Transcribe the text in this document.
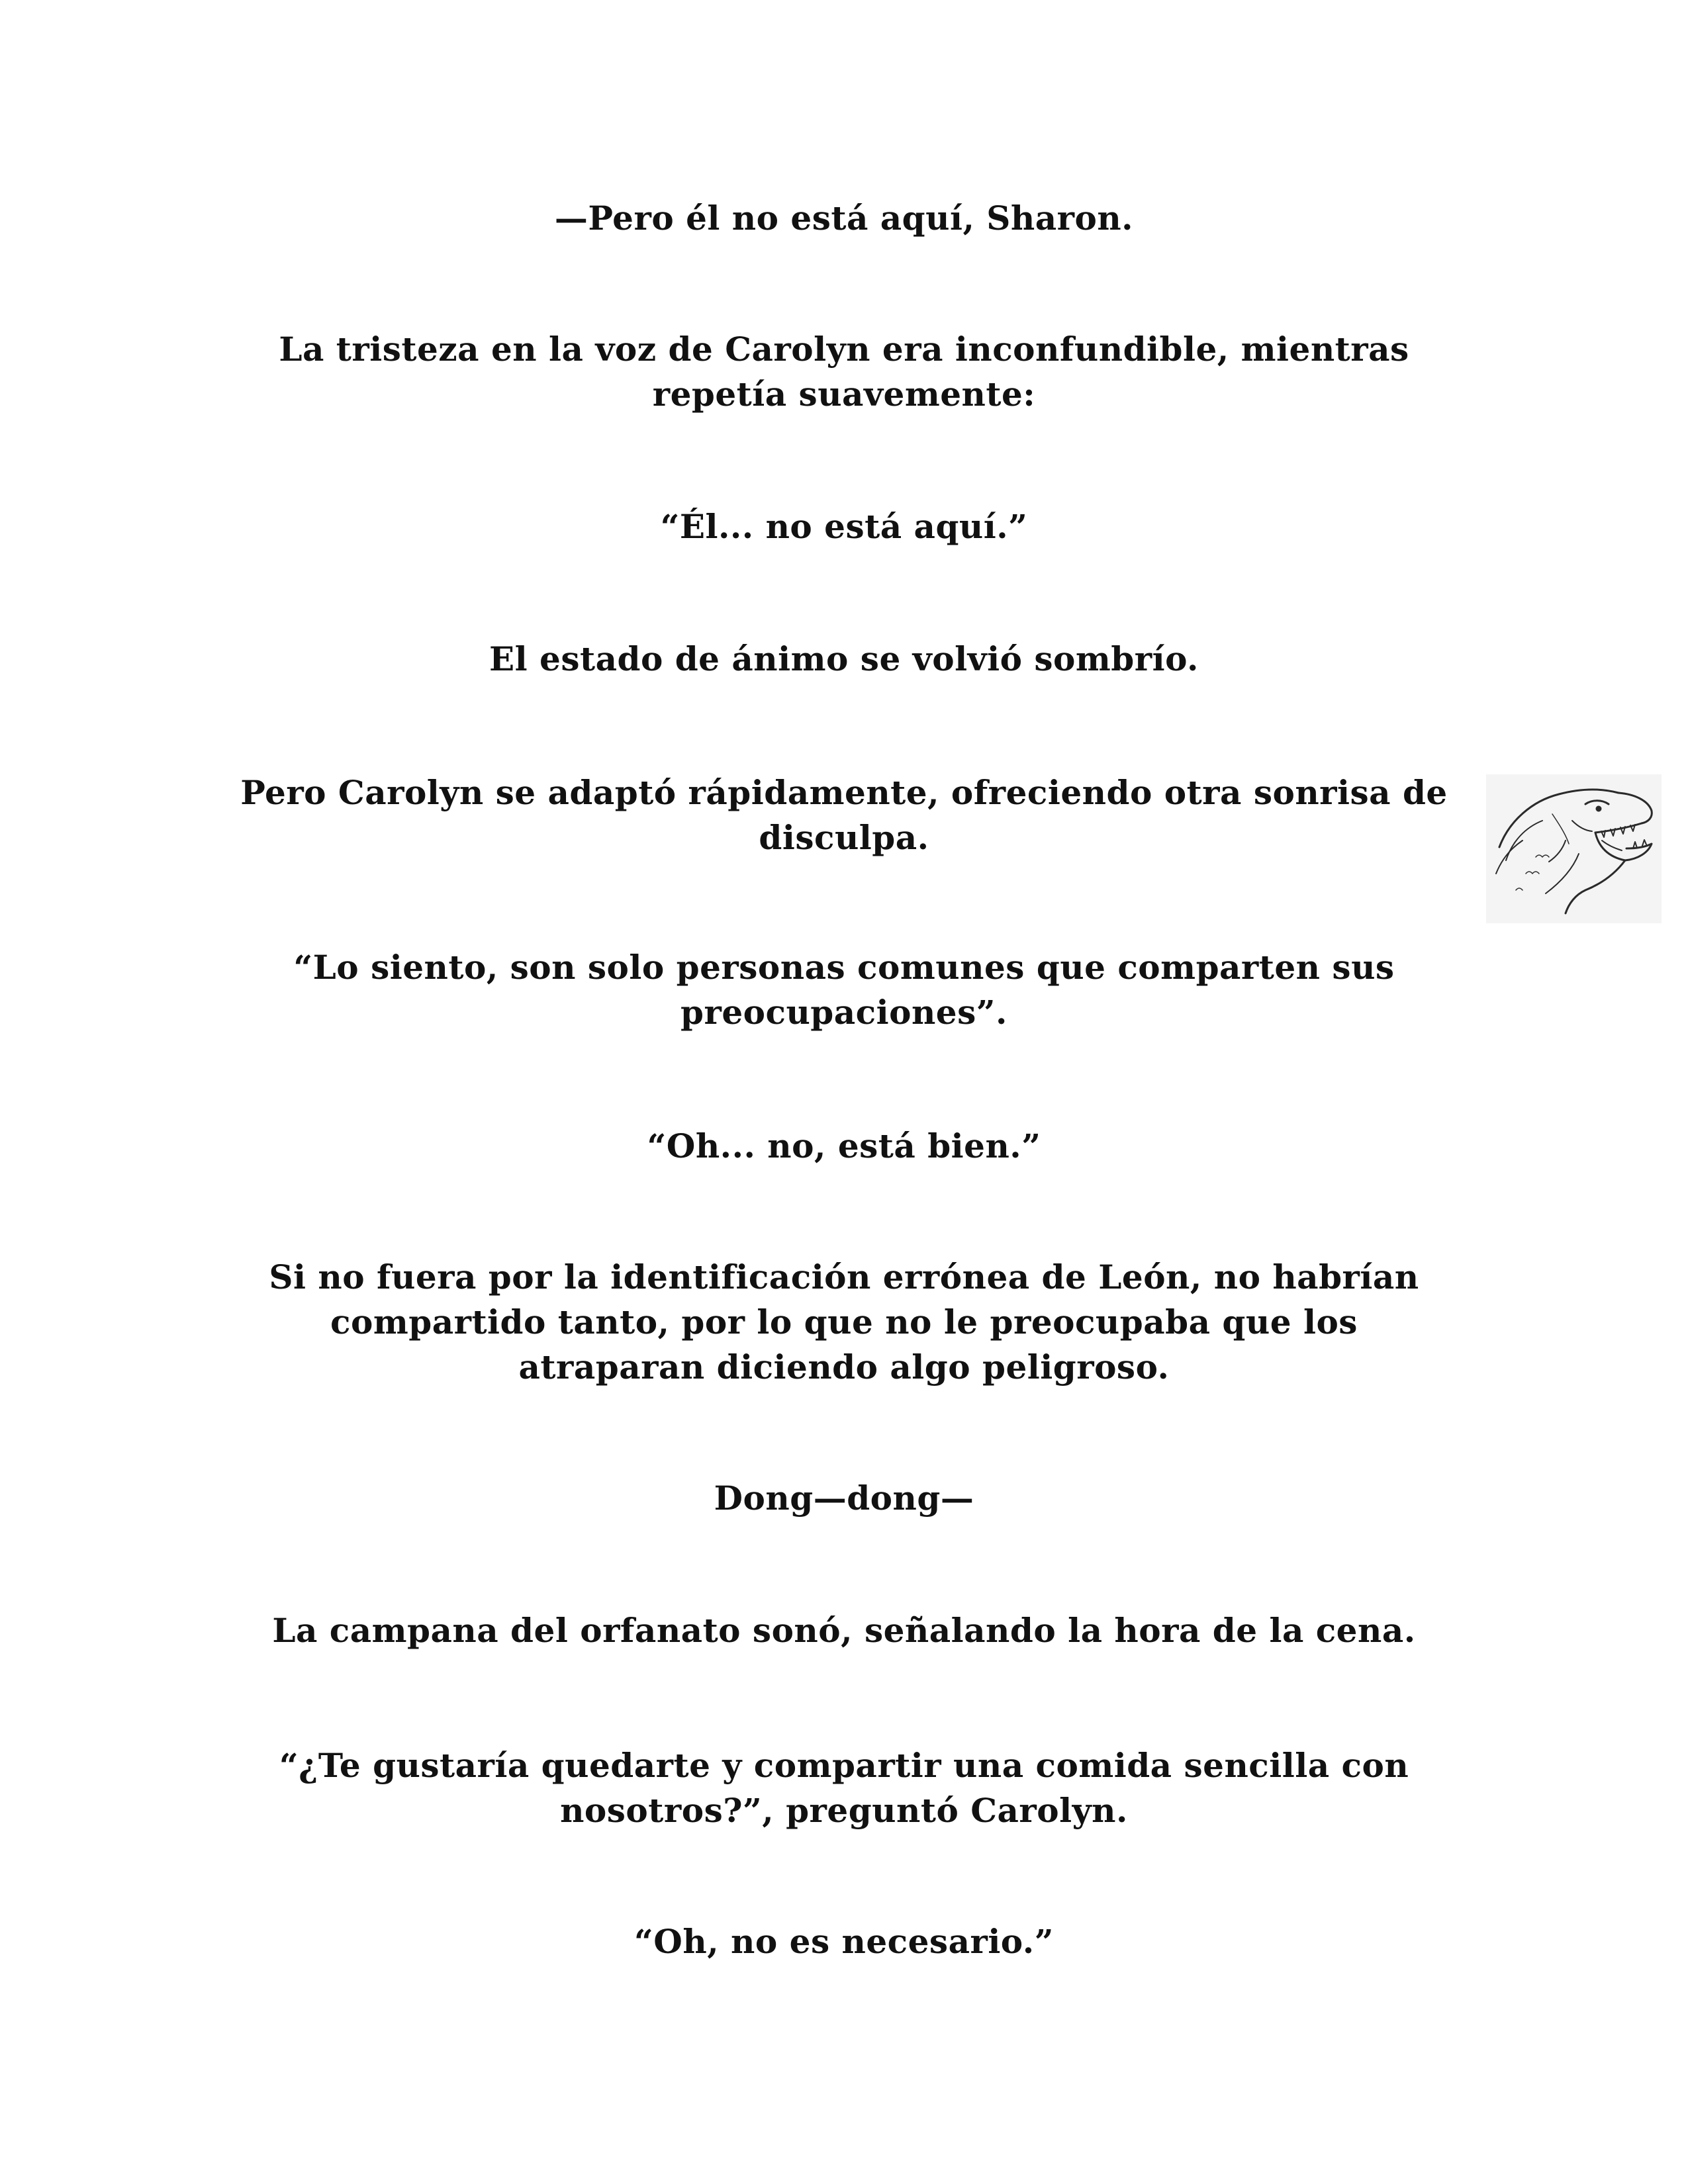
—Pero él no está aquí, Sharon.

La tristeza en la voz de Carolyn era inconfundible, mientras repetía suavemente:

“Él... no está aquí.”

El estado de ánimo se volvió sombrío.

Pero Carolyn se adaptó rápidamente, ofreciendo otra sonrisa de disculpa.

“Lo siento, son solo personas comunes que comparten sus preocupaciones”.

“Oh... no, está bien.”

Si no fuera por la identificación errónea de León, no habrían compartido tanto, por lo que no le preocupaba que los atraparan diciendo algo peligroso.

Dong—dong—

La campana del orfanato sonó, señalando la hora de la cena.

“¿Te gustaría quedarte y compartir una comida sencilla con nosotros?”, preguntó Carolyn.

“Oh, no es necesario.”
